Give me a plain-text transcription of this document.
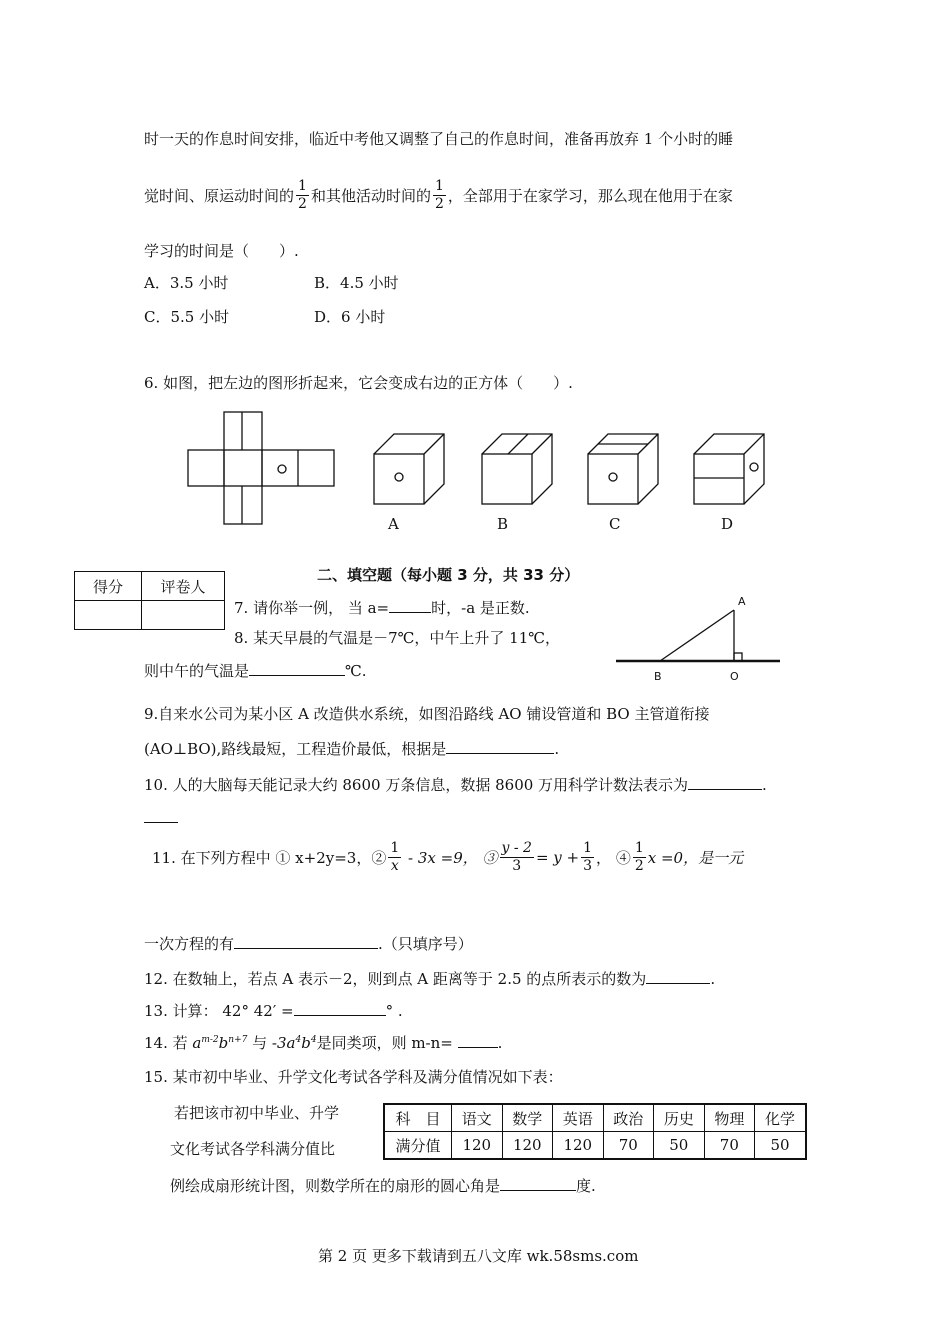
时一天的作息时间安排，临近中考他又调整了自己的作息时间，准备再放弃 1 个小时的睡
觉时间、原运动时间的 $\frac{1}{2}$ 和其他活动时间的 $\frac{1}{2}$ ，全部用于在家学习，那么现在他用于在家
学习的时间是（　　）.
A．3.5 小时	B．4.5 小时
C．5.5 小时	D．6 小时
6. 如图，把左边的图形折起来，它会变成右边的正方体（　　）.
A	B	C	D
二、填空题（每小题 3 分，共 33 分）
得分	评卷人

7. 请你举一例， 当 a=	时，-a 是正数.
8. 某天早晨的气温是－7℃，中午上升了 11℃，
则中午的气温是	℃.
A
B	O
9.自来水公司为某小区 A 改造供水系统，如图沿路线 AO 铺设管道和 BO 主管道衔接
(AO⊥BO),路线最短，工程造价最低，根据是	.
10. 人的大脑每天能记录大约 8600 万条信息，数据 8600 万用科学计数法表示为	.
11. 在下列方程中 ① x+2y=3，② $\frac{1}{x} - 3x =9$， ③ $\frac{y - 2}{3} = y + \frac{1}{3}$ ， ④ $\frac{1}{2}$ x =0，是一元
一次方程的有	.（只填序号）
12. 在数轴上，若点 A 表示－2，则到点 A 距离等于 2.5 的点所表示的数为	.
13. 计算： 42° 42′ =	° .
14. 若 $a^{m-2}b^{n+7}$ 与 $-3a^4b^4$是同类项，则 m-n=	.
15. 某市初中毕业、升学文化考试各学科及满分值情况如下表：
若把该市初中毕业、升学
文化考试各学科满分值比
例绘成扇形统计图，则数学所在的扇形的圆心角是	度.
科　目	语文	数学	英语	政治	历史	物理	化学
满分值	120	120	120	70	50	70	50
第 2 页 更多下载请到五八文库 wk.58sms.com
